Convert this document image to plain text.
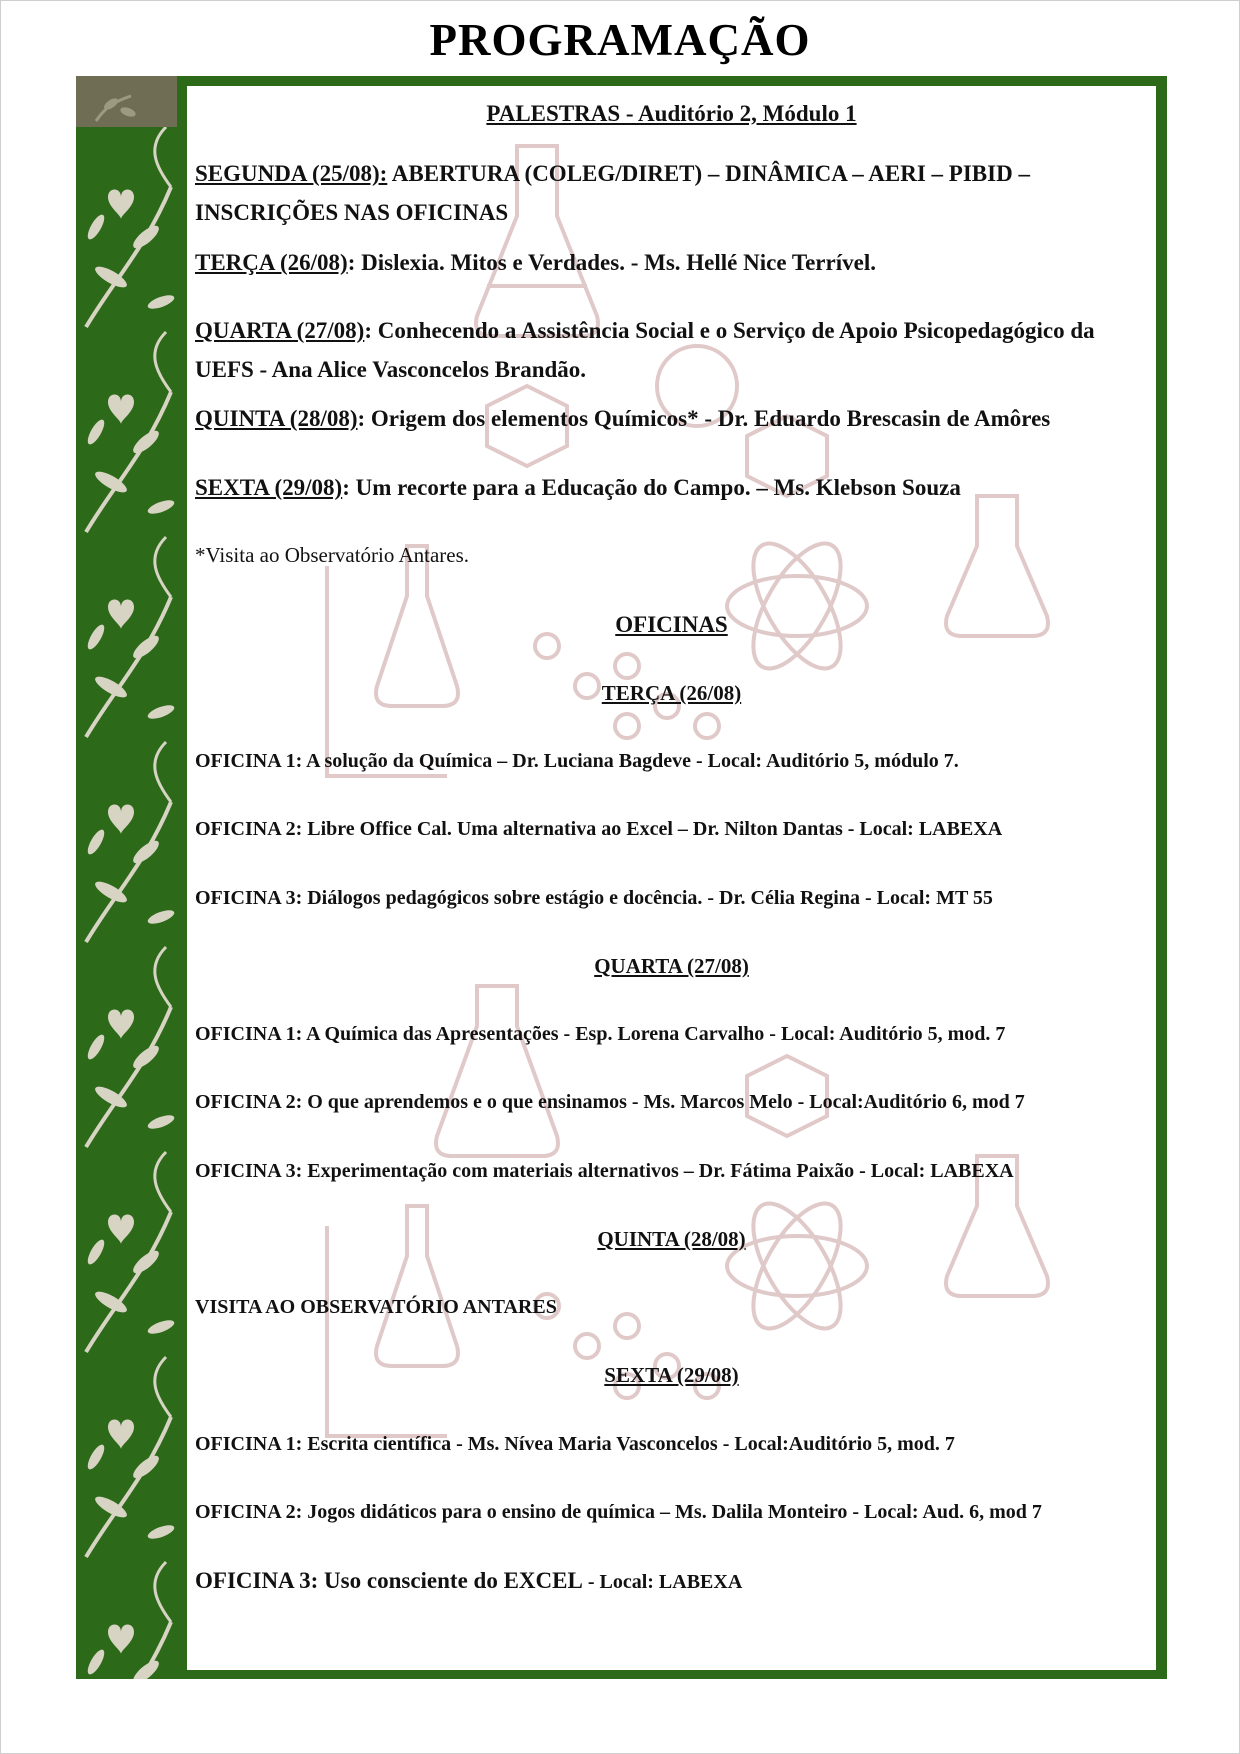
PROGRAMAÇÃO

PALESTRAS - Auditório 2, Módulo 1

SEGUNDA (25/08): ABERTURA (COLEG/DIRET) – DINÂMICA – AERI – PIBID – INSCRIÇÕES NAS OFICINAS

TERÇA (26/08): Dislexia. Mitos e Verdades. - Ms. Hellé Nice Terrível.

QUARTA (27/08): Conhecendo a Assistência Social e o Serviço de Apoio Psicopedagógico da UEFS - Ana Alice Vasconcelos Brandão.

QUINTA (28/08): Origem dos elementos Químicos* - Dr. Eduardo Brescasin de Amôres

SEXTA (29/08): Um recorte para a Educação do Campo. – Ms. Klebson Souza

*Visita ao Observatório Antares.

OFICINAS

TERÇA (26/08)

OFICINA 1: A solução da Química – Dr. Luciana Bagdeve - Local: Auditório 5, módulo 7.

OFICINA 2: Libre Office Cal. Uma alternativa ao Excel – Dr. Nilton Dantas - Local: LABEXA

OFICINA 3: Diálogos pedagógicos sobre estágio e docência. - Dr. Célia Regina - Local: MT 55

QUARTA (27/08)

OFICINA 1: A Química das Apresentações - Esp. Lorena Carvalho - Local: Auditório 5, mod. 7

OFICINA 2: O que aprendemos e o que ensinamos - Ms. Marcos Melo - Local:Auditório 6, mod 7

OFICINA 3: Experimentação com materiais alternativos – Dr. Fátima Paixão - Local: LABEXA

QUINTA (28/08)

VISITA AO OBSERVATÓRIO ANTARES

SEXTA (29/08)

OFICINA 1: Escrita científica - Ms. Nívea Maria Vasconcelos - Local:Auditório 5, mod. 7

OFICINA 2: Jogos didáticos para o ensino de química – Ms. Dalila Monteiro - Local: Aud. 6, mod 7

OFICINA 3: Uso consciente do EXCEL - Local: LABEXA
